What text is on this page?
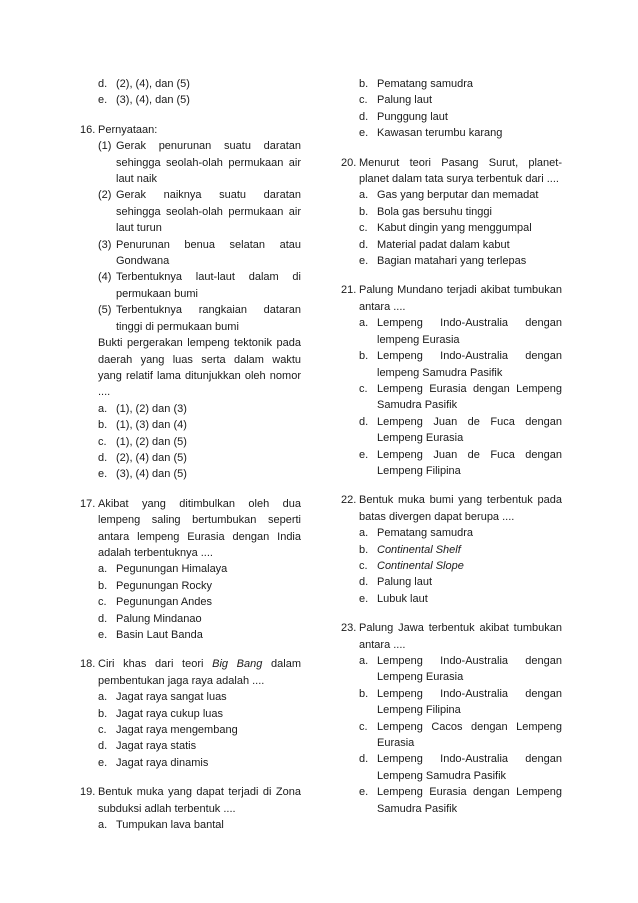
d. (2), (4), dan (5)
e. (3), (4), dan (5)
16. Pernyataan:
(1) Gerak penurunan suatu daratan sehingga seolah-olah permukaan air laut naik
(2) Gerak naiknya suatu daratan sehingga seolah-olah permukaan air laut turun
(3) Penurunan benua selatan atau Gondwana
(4) Terbentuknya laut-laut dalam di permukaan bumi
(5) Terbentuknya rangkaian dataran tinggi di permukaan bumi
Bukti pergerakan lempeng tektonik pada daerah yang luas serta dalam waktu yang relatif lama ditunjukkan oleh nomor ....
a. (1), (2) dan (3)
b. (1), (3) dan (4)
c. (1), (2) dan (5)
d. (2), (4) dan (5)
e. (3), (4) dan (5)
17. Akibat yang ditimbulkan oleh dua lempeng saling bertumbukan seperti antara lempeng Eurasia dengan India adalah terbentuknya ....
a. Pegunungan Himalaya
b. Pegunungan Rocky
c. Pegunungan Andes
d. Palung Mindanao
e. Basin Laut Banda
18. Ciri khas dari teori Big Bang dalam pembentukan jaga raya adalah ....
a. Jagat raya sangat luas
b. Jagat raya cukup luas
c. Jagat raya mengembang
d. Jagat raya statis
e. Jagat raya dinamis
19. Bentuk muka yang dapat terjadi di Zona subduksi adlah terbentuk ....
a. Tumpukan lava bantal
b. Pematang samudra
c. Palung laut
d. Punggung laut
e. Kawasan terumbu karang
20. Menurut teori Pasang Surut, planet-planet dalam tata surya terbentuk dari ....
a. Gas yang berputar dan memadat
b. Bola gas bersuhu tinggi
c. Kabut dingin yang menggumpal
d. Material padat dalam kabut
e. Bagian matahari yang terlepas
21. Palung Mundano terjadi akibat tumbukan antara ....
a. Lempeng Indo-Australia dengan lempeng Eurasia
b. Lempeng Indo-Australia dengan lempeng Samudra Pasifik
c. Lempeng Eurasia dengan Lempeng Samudra Pasifik
d. Lempeng Juan de Fuca dengan Lempeng Eurasia
e. Lempeng Juan de Fuca dengan Lempeng Filipina
22. Bentuk muka bumi yang terbentuk pada batas divergen dapat berupa ....
a. Pematang samudra
b. Continental Shelf
c. Continental Slope
d. Palung laut
e. Lubuk laut
23. Palung Jawa terbentuk akibat tumbukan antara ....
a. Lempeng Indo-Australia dengan Lempeng Eurasia
b. Lempeng Indo-Australia dengan Lempeng Filipina
c. Lempeng Cacos dengan Lempeng Eurasia
d. Lempeng Indo-Australia dengan Lempeng Samudra Pasifik
e. Lempeng Eurasia dengan Lempeng Samudra Pasifik
